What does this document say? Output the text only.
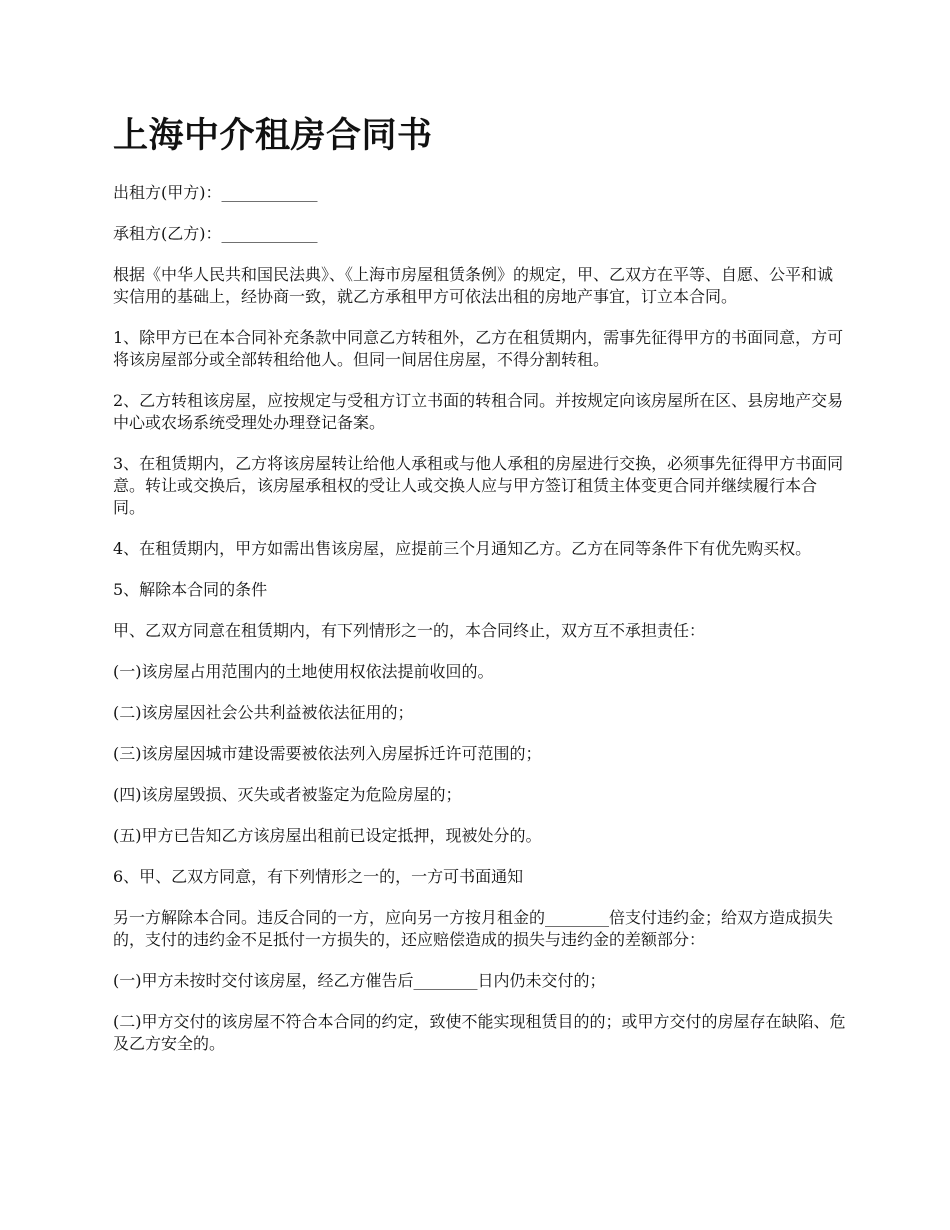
上海中介租房合同书

出租方(甲方)：____________

承租方(乙方)：____________

根据《中华人民共和国民法典》、《上海市房屋租赁条例》的规定，甲、乙双方在平等、自愿、公平和诚实信用的基础上，经协商一致，就乙方承租甲方可依法出租的房地产事宜，订立本合同。

1、除甲方已在本合同补充条款中同意乙方转租外，乙方在租赁期内，需事先征得甲方的书面同意，方可将该房屋部分或全部转租给他人。但同一间居住房屋，不得分割转租。

2、乙方转租该房屋，应按规定与受租方订立书面的转租合同。并按规定向该房屋所在区、县房地产交易中心或农场系统受理处办理登记备案。

3、在租赁期内，乙方将该房屋转让给他人承租或与他人承租的房屋进行交换，必须事先征得甲方书面同意。转让或交换后，该房屋承租权的受让人或交换人应与甲方签订租赁主体变更合同并继续履行本合同。

4、在租赁期内，甲方如需出售该房屋，应提前三个月通知乙方。乙方在同等条件下有优先购买权。

5、解除本合同的条件

甲、乙双方同意在租赁期内，有下列情形之一的，本合同终止，双方互不承担责任：

(一)该房屋占用范围内的土地使用权依法提前收回的。

(二)该房屋因社会公共利益被依法征用的；

(三)该房屋因城市建设需要被依法列入房屋拆迁许可范围的；

(四)该房屋毁损、灭失或者被鉴定为危险房屋的；

(五)甲方已告知乙方该房屋出租前已设定抵押，现被处分的。

6、甲、乙双方同意，有下列情形之一的，一方可书面通知

另一方解除本合同。违反合同的一方，应向另一方按月租金的________倍支付违约金；给双方造成损失的，支付的违约金不足抵付一方损失的，还应赔偿造成的损失与违约金的差额部分：

(一)甲方未按时交付该房屋，经乙方催告后________日内仍未交付的；

(二)甲方交付的该房屋不符合本合同的约定，致使不能实现租赁目的的；或甲方交付的房屋存在缺陷、危及乙方安全的。
